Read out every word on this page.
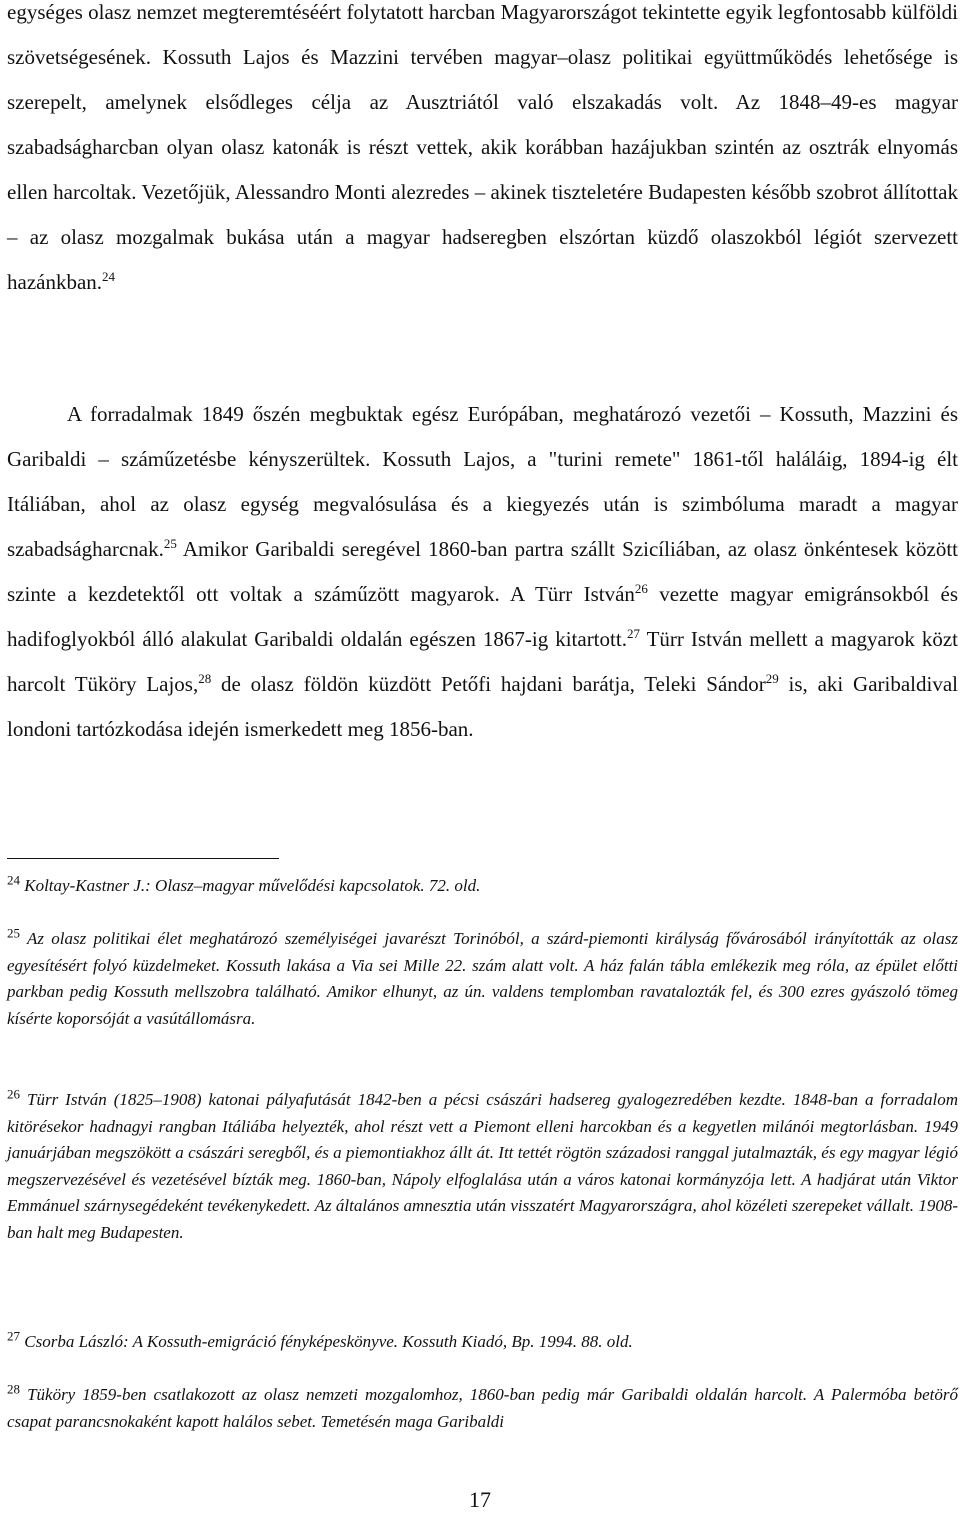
egységes olasz nemzet megteremtéséért folytatott harcban Magyarországot tekintette egyik legfontosabb külföldi szövetségesének. Kossuth Lajos és Mazzini tervében magyar–olasz politikai együttműködés lehetősége is szerepelt, amelynek elsődleges célja az Ausztriától való elszakadás volt. Az 1848–49-es magyar szabadságharcban olyan olasz katonák is részt vettek, akik korábban hazájukban szintén az osztrák elnyomás ellen harcoltak. Vezetőjük, Alessandro Monti alezredes – akinek tiszteletére Budapesten később szobrot állítottak – az olasz mozgalmak bukása után a magyar hadseregben elszórtan küzdő olaszokból légiót szervezett hazánkban.$^{24}$

A forradalmak 1849 őszén megbuktak egész Európában, meghatározó vezetői – Kossuth, Mazzini és Garibaldi – száműzetésbe kényszerültek. Kossuth Lajos, a "turini remete" 1861-től haláláig, 1894-ig élt Itáliában, ahol az olasz egység megvalósulása és a kiegyezés után is szimbóluma maradt a magyar szabadságharcnak.$^{25}$ Amikor Garibaldi seregével 1860-ban partra szállt Szicíliában, az olasz önkéntesek között szinte a kezdetektől ott voltak a száműzött magyarok. A Türr István$^{26}$ vezette magyar emigránsokból és hadifoglyokból álló alakulat Garibaldi oldalán egészen 1867-ig kitartott.$^{27}$ Türr István mellett a magyarok közt harcolt Tüköry Lajos,$^{28}$ de olasz földön küzdött Petőfi hajdani barátja, Teleki Sándor$^{29}$ is, aki Garibaldival londoni tartózkodása idején ismerkedett meg 1856-ban.

$^{24}$ Koltay-Kastner J.: Olasz–magyar művelődési kapcsolatok. 72. old.

$^{25}$ Az olasz politikai élet meghatározó személyiségei javarészt Torinóból, a szárd-piemonti királyság fővárosából irányították az olasz egyesítésért folyó küzdelmeket. Kossuth lakása a Via sei Mille 22. szám alatt volt. A ház falán tábla emlékezik meg róla, az épület előtti parkban pedig Kossuth mellszobra található. Amikor elhunyt, az ún. valdens templomban ravatalozták fel, és 300 ezres gyászoló tömeg kísérte koporsóját a vasútállomásra.

$^{26}$ Türr István (1825–1908) katonai pályafutását 1842-ben a pécsi császári hadsereg gyalogezredében kezdte. 1848-ban a forradalom kitörésekor hadnagyi rangban Itáliába helyezték, ahol részt vett a Piemont elleni harcokban és a kegyetlen milánói megtorlásban. 1949 januárjában megszökött a császári seregből, és a piemontiakhoz állt át. Itt tettét rögtön századosi ranggal jutalmazták, és egy magyar légió megszervezésével és vezetésével bízták meg. 1860-ban, Nápoly elfoglalása után a város katonai kormányzója lett. A hadjárat után Viktor Emmánuel szárnysegédeként tevékenykedett. Az általános amnesztia után visszatért Magyarországra, ahol közéleti szerepeket vállalt. 1908-ban halt meg Budapesten.

$^{27}$ Csorba László: A Kossuth-emigráció fényképeskönyve. Kossuth Kiadó, Bp. 1994. 88. old.

$^{28}$ Tüköry 1859-ben csatlakozott az olasz nemzeti mozgalomhoz, 1860-ban pedig már Garibaldi oldalán harcolt. A Palermóba betörő csapat parancsnokaként kapott halálos sebet. Temetésén maga Garibaldi

17
